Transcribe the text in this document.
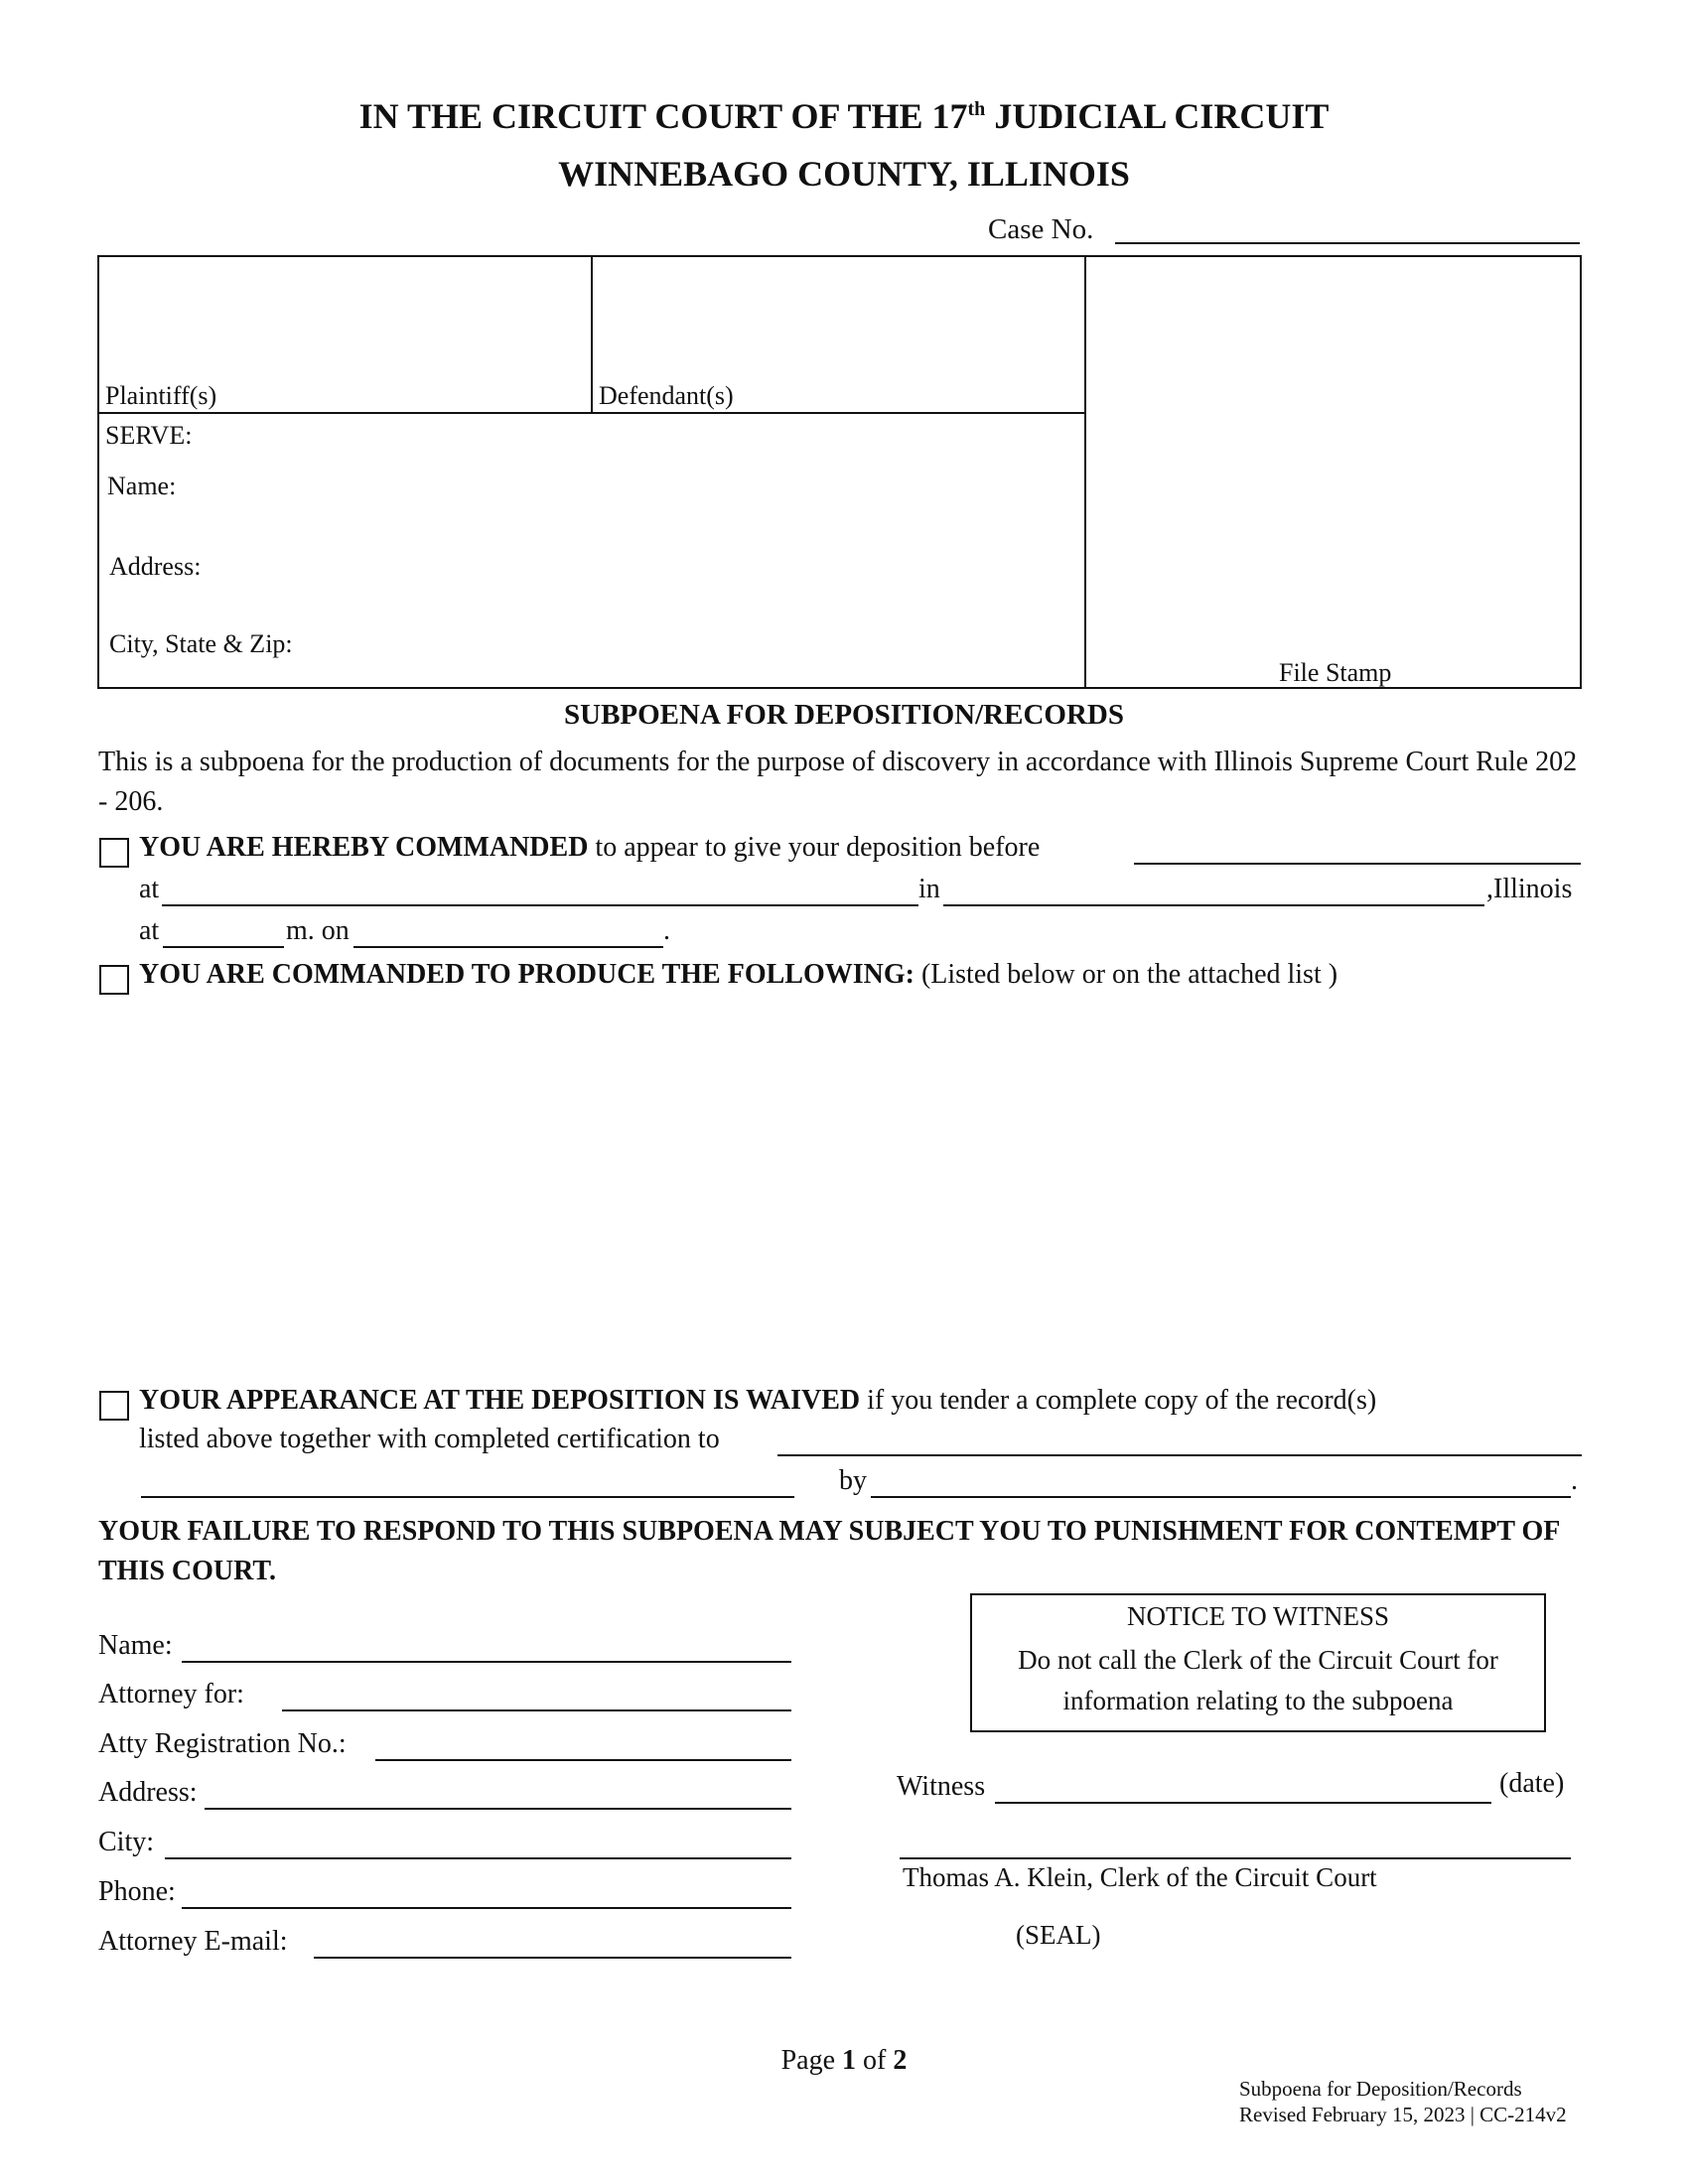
IN THE CIRCUIT COURT OF THE 17th JUDICIAL CIRCUIT
WINNEBAGO COUNTY, ILLINOIS
Case No.
Plaintiff(s)	Defendant(s)
SERVE:
Name:
Address:
City, State & Zip:
File Stamp
SUBPOENA FOR DEPOSITION/RECORDS
This is a subpoena for the production of documents for the purpose of discovery in accordance with Illinois Supreme Court Rule 202 - 206.
YOU ARE HEREBY COMMANDED to appear to give your deposition before
at	in	,Illinois
at	m. on	.
YOU ARE COMMANDED TO PRODUCE THE FOLLOWING: (Listed below or on the attached list )
YOUR APPEARANCE AT THE DEPOSITION IS WAIVED if you tender a complete copy of the record(s)
listed above together with completed certification to
by	.
YOUR FAILURE TO RESPOND TO THIS SUBPOENA MAY SUBJECT YOU TO PUNISHMENT FOR CONTEMPT OF THIS COURT.
Name:
Attorney for:
Atty Registration No.:
Address:
City:
Phone:
Attorney E-mail:
NOTICE TO WITNESS
Do not call the Clerk of the Circuit Court for information relating to the subpoena
Witness	(date)
Thomas A. Klein, Clerk of the Circuit Court
(SEAL)
Page 1 of 2
Subpoena for Deposition/Records
Revised February 15, 2023 | CC-214v2
